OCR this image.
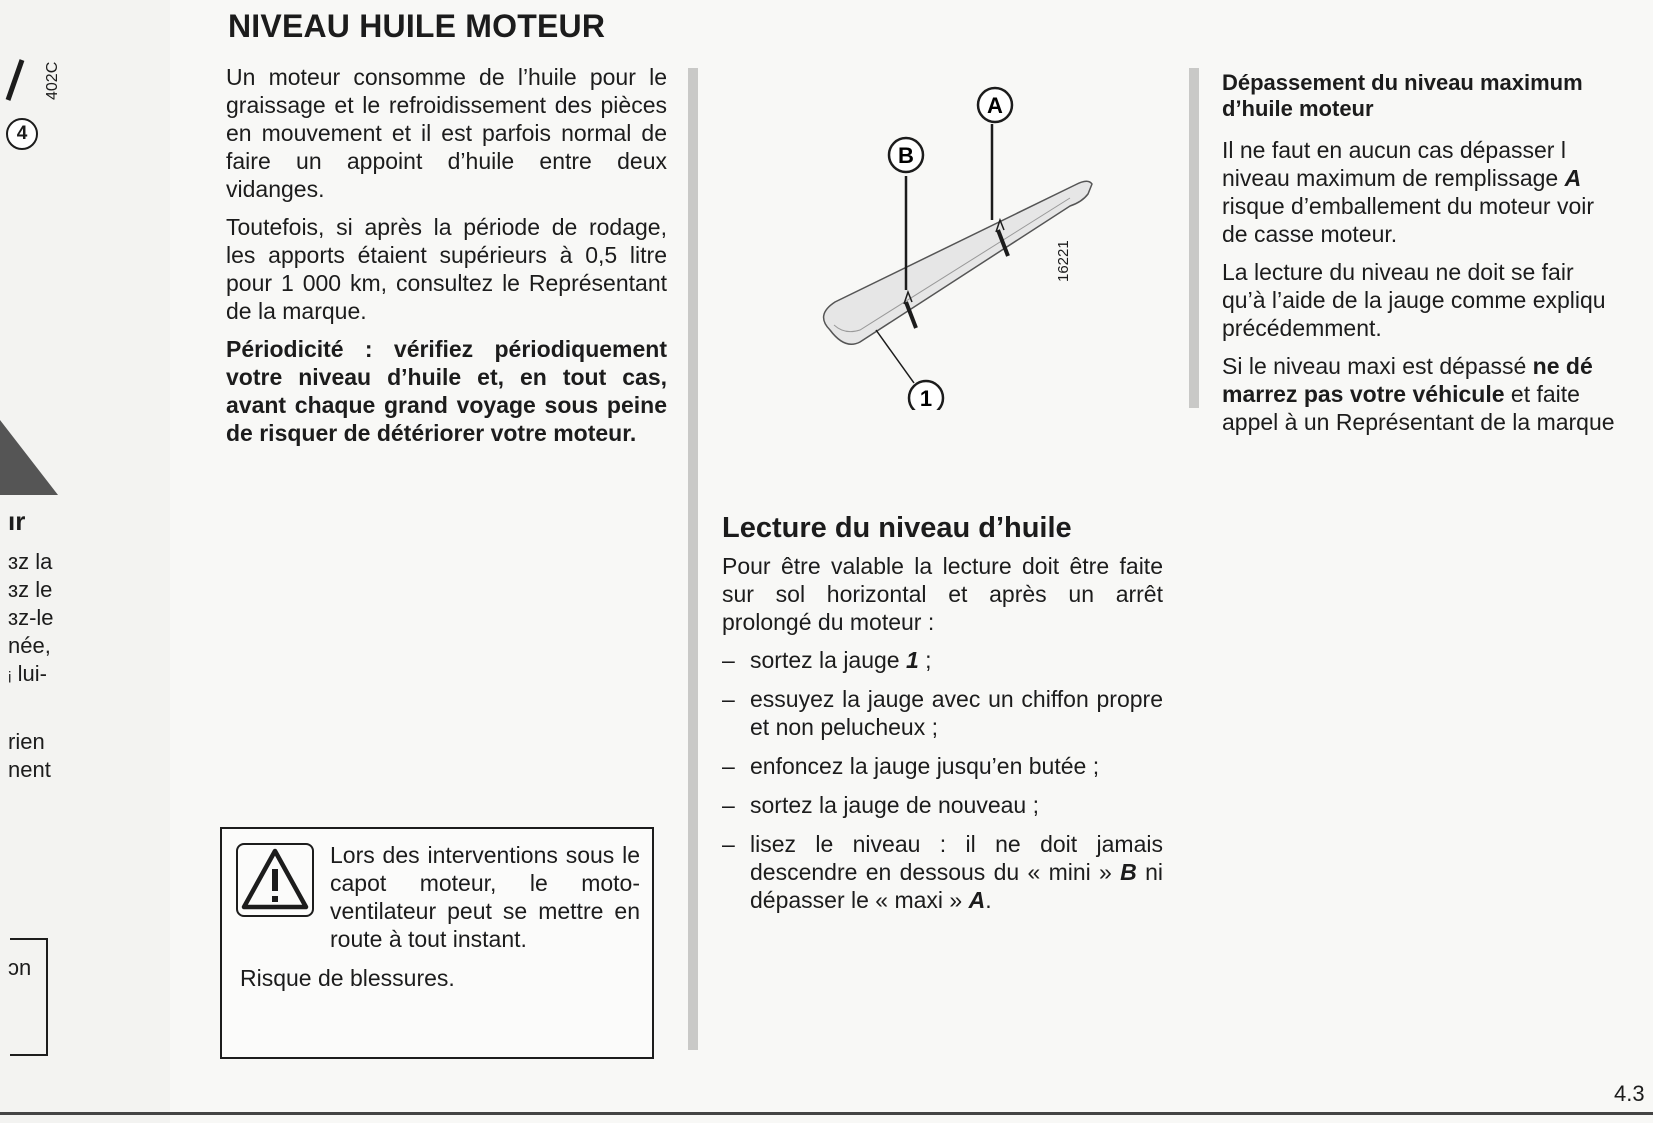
4
402C
ır
ɜz la
ɜz le
ɜz-le
née,
ᵢ lui-
rien
nent
ɔn
NIVEAU HUILE MOTEUR

Un moteur consomme de l’huile pour le graissage et le refroidissement des pièces en mouvement et il est parfois normal de faire un appoint d’huile entre deux vidanges.

Toutefois, si après la période de rodage, les apports étaient supérieurs à 0,5 litre pour 1 000 km, consultez le Représentant de la marque.

Périodicité : vérifiez périodiquement votre niveau d’huile et, en tout cas, avant chaque grand voyage sous peine de risquer de détériorer votre moteur.

Lors des interventions sous le capot moteur, le moto-ventilateur peut se mettre en route à tout instant.

Risque de blessures.

A
B
1
16221
Lecture du niveau d’huile

Pour être valable la lecture doit être faite sur sol horizontal et après un arrêt prolongé du moteur :

– sortez la jauge 1 ;
– essuyez la jauge avec un chiffon propre et non pelucheux ;
– enfoncez la jauge jusqu’en butée ;
– sortez la jauge de nouveau ;
– lisez le niveau : il ne doit jamais descendre en dessous du « mini » B ni dépasser le « maxi » A.
Dépassement du niveau maximum
d’huile moteur

Il ne faut en aucun cas dépasser l
niveau maximum de remplissage A
risque d’emballement du moteur voir
de casse moteur.

La lecture du niveau ne doit se fair
qu’à l’aide de la jauge comme expliqu
précédemment.

Si le niveau maxi est dépassé ne dé
marrez pas votre véhicule et faite
appel à un Représentant de la marque

4.3
